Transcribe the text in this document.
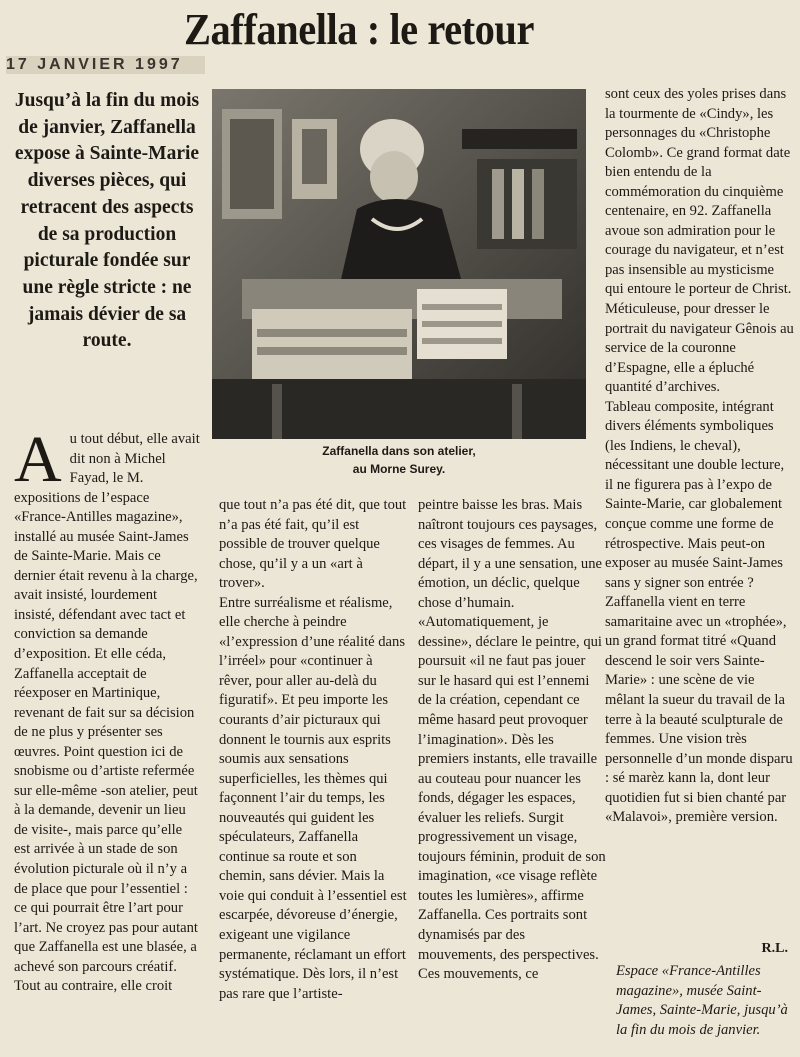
Zaffanella : le retour
17 JANVIER 1997
Jusqu’à la fin du mois de janvier, Zaffanella expose à Sainte-Marie diverses pièces, qui retracent des aspects de sa production picturale fondée sur une règle stricte : ne jamais dévier de sa route.
Zaffanella dans son atelier,
au Morne Surey.
A u tout début, elle avait dit non à Michel Fayad, le M. expositions de l’espace «France-Antilles magazine», installé au musée Saint-James de Sainte-Marie. Mais ce dernier était revenu à la charge, avait insisté, lourdement insisté, défendant avec tact et conviction sa demande d’exposition. Et elle céda, Zaffanella acceptait de réexposer en Martinique, revenant de fait sur sa décision de ne plus y présenter ses œuvres. Point question ici de snobisme ou d’artiste refermée sur elle-même -son atelier, peut à la demande, devenir un lieu de visite-, mais parce qu’elle est arrivée à un stade de son évolution picturale où il n’y a de place que pour l’essentiel : ce qui pourrait être l’art pour l’art. Ne croyez pas pour autant que Zaffanella est une blasée, a achevé son parcours créatif.

Tout au contraire, elle croit

que tout n’a pas été dit, que tout n’a pas été fait, qu’il est possible de trouver quelque chose, qu’il y a un «art à trover».

Entre surréalisme et réalisme, elle cherche à peindre «l’expression d’une réalité dans l’irréel» pour «continuer à rêver, pour aller au-delà du figuratif». Et peu importe les courants d’air picturaux qui donnent le tournis aux esprits soumis aux sensations superficielles, les thèmes qui façonnent l’air du temps, les nouveautés qui guident les spéculateurs, Zaffanella continue sa route et son chemin, sans dévier. Mais la voie qui conduit à l’essentiel est escarpée, dévoreuse d’énergie, exigeant une vigilance permanente, réclamant un effort systématique. Dès lors, il n’est pas rare que l’artiste-

peintre baisse les bras. Mais naîtront toujours ces paysages, ces visages de femmes. Au départ, il y a une sensation, une émotion, un déclic, quelque chose d’humain.

«Automatiquement, je dessine», déclare le peintre, qui poursuit «il ne faut pas jouer sur le hasard qui est l’ennemi de la création, cependant ce même hasard peut provoquer l’imagination». Dès les premiers instants, elle travaille au couteau pour nuancer les fonds, dégager les espaces, évaluer les reliefs. Surgit progressivement un visage, toujours féminin, produit de son imagination, «ce visage reflète toutes les lumières», affirme Zaffanella. Ces portraits sont dynamisés par des mouvements, des perspectives. Ces mouvements, ce

sont ceux des yoles prises dans la tourmente de «Cindy», les personnages du «Christophe Colomb». Ce grand format date bien entendu de la commémoration du cinquième centenaire, en 92. Zaffanella avoue son admiration pour le courage du navigateur, et n’est pas insensible au mysticisme qui entoure le porteur de Christ. Méticuleuse, pour dresser le portrait du navigateur Gênois au service de la couronne d’Espagne, elle a épluché quantité d’archives.

Tableau composite, intégrant divers éléments symboliques (les Indiens, le cheval), nécessitant une double lecture, il ne figurera pas à l’expo de Sainte-Marie, car globalement conçue comme une forme de rétrospective. Mais peut-on exposer au musée Saint-James sans y signer son entrée ? Zaffanella vient en terre samaritaine avec un «trophée», un grand format titré «Quand descend le soir vers Sainte-Marie» : une scène de vie mêlant la sueur du travail de la terre à la beauté sculpturale de femmes. Une vision très personnelle d’un monde disparu : sé marèz kann la, dont leur quotidien fut si bien chanté par «Malavoi», première version.

R.L.
Espace «France-Antilles magazine», musée Saint-James, Sainte-Marie, jusqu’à la fin du mois de janvier.
